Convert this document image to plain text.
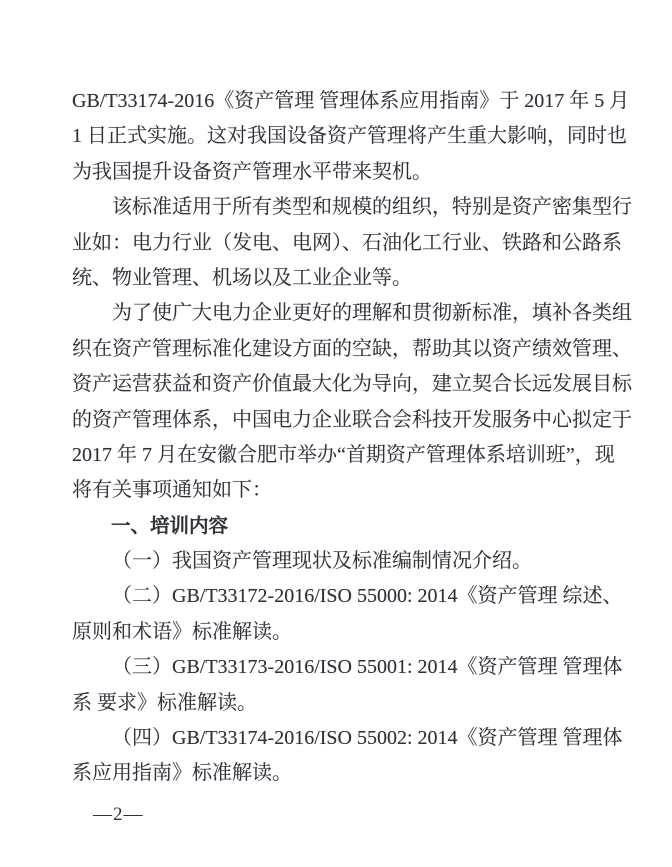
GB/T33174-2016《资产管理 管理体系应用指南》于 2017 年 5 月
1 日正式实施。这对我国设备资产管理将产生重大影响，同时也
为我国提升设备资产管理水平带来契机。
该标准适用于所有类型和规模的组织，特别是资产密集型行
业如：电力行业（发电、电网）、石油化工行业、铁路和公路系
统、物业管理、机场以及工业企业等。
为了使广大电力企业更好的理解和贯彻新标准，填补各类组
织在资产管理标准化建设方面的空缺，帮助其以资产绩效管理、
资产运营获益和资产价值最大化为导向，建立契合长远发展目标
的资产管理体系，中国电力企业联合会科技开发服务中心拟定于
2017 年 7 月在安徽合肥市举办“首期资产管理体系培训班”，现
将有关事项通知如下：
一、培训内容
（一）我国资产管理现状及标准编制情况介绍。
（二）GB/T33172-2016/ISO 55000: 2014《资产管理 综述、
原则和术语》标准解读。
（三）GB/T33173-2016/ISO 55001: 2014《资产管理 管理体
系 要求》标准解读。
（四）GB/T33174-2016/ISO 55002: 2014《资产管理 管理体
系应用指南》标准解读。
—2—
